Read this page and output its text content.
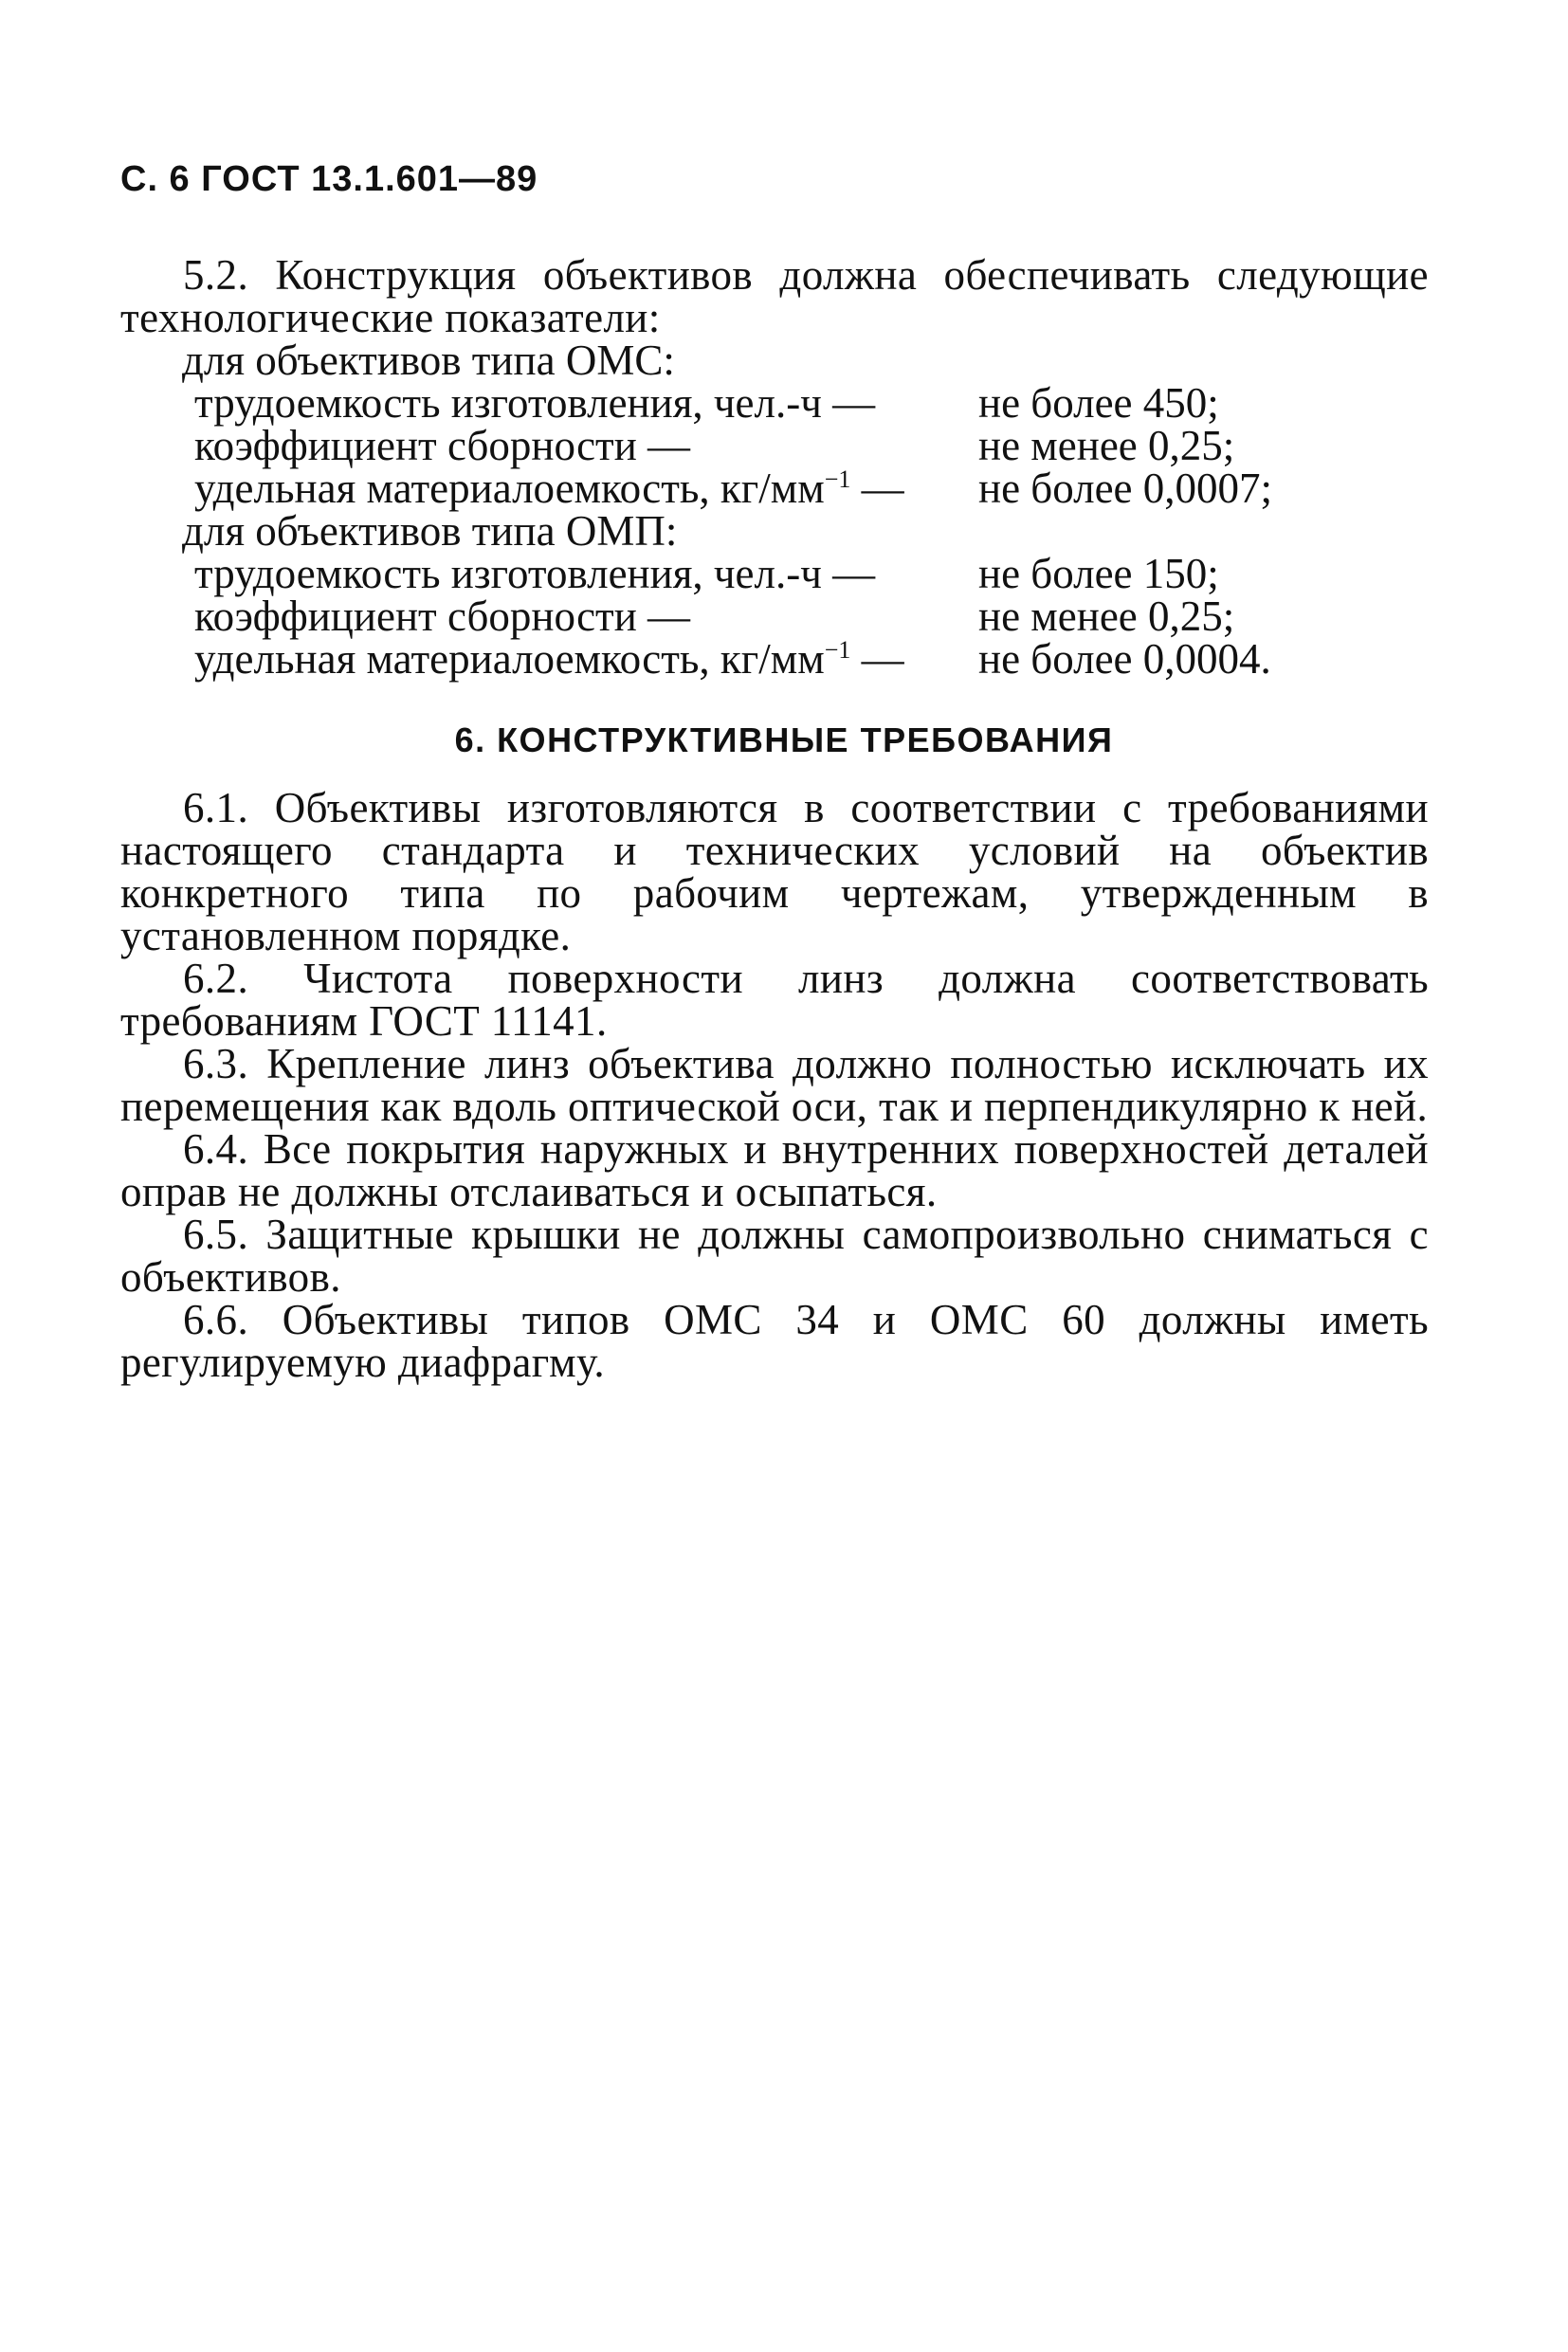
С. 6 ГОСТ 13.1.601—89
5.2. Конструкция объективов должна обеспечивать следующие технологические показатели:
для объективов типа ОМС:
трудоемкость изготовления, чел.-ч — не более 450;
коэффициент сборности —	не менее 0,25;
удельная материалоемкость, $кг/мм^{-1}$ — не более 0,0007;
для объективов типа ОМП:
трудоемкость изготовления, чел.-ч — не более 150;
коэффициент сборности —	не менее 0,25;
удельная материалоемкость, $кг/мм^{-1}$ — не более 0,0004.
6. КОНСТРУКТИВНЫЕ ТРЕБОВАНИЯ
6.1. Объективы изготовляются в соответствии с требованиями настоящего стандарта и технических условий на объектив конкретного типа по рабочим чертежам, утвержденным в установленном порядке.
6.2. Чистота поверхности линз должна соответствовать требованиям ГОСТ 11141.
6.3. Крепление линз объектива должно полностью исключать их перемещения как вдоль оптической оси, так и перпендикулярно к ней.
6.4. Все покрытия наружных и внутренних поверхностей деталей оправ не должны отслаиваться и осыпаться.
6.5. Защитные крышки не должны самопроизвольно сниматься с объективов.
6.6. Объективы типов ОМС 34 и ОМС 60 должны иметь регулируемую диафрагму.
